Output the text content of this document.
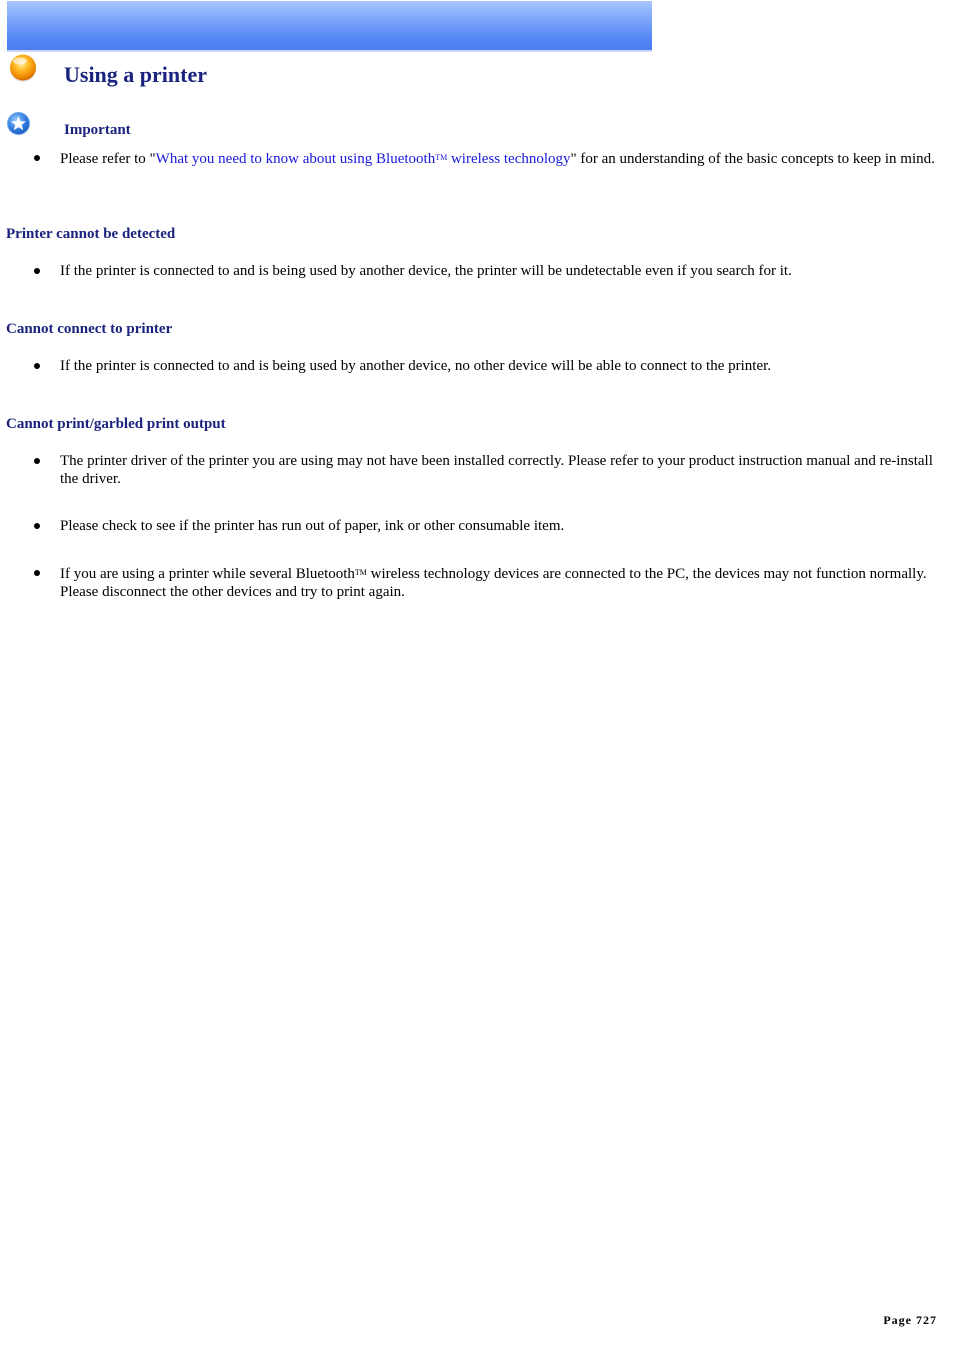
Using a printer
Important
Please refer to "What you need to know about using Bluetooth™ wireless technology" for an understanding of the basic concepts to keep in mind.
Printer cannot be detected
If the printer is connected to and is being used by another device, the printer will be undetectable even if you search for it.
Cannot connect to printer
If the printer is connected to and is being used by another device, no other device will be able to connect to the printer.
Cannot print/garbled print output
The printer driver of the printer you are using may not have been installed correctly. Please refer to your product instruction manual and re-install the driver.
Please check to see if the printer has run out of paper, ink or other consumable item.
If you are using a printer while several Bluetooth™ wireless technology devices are connected to the PC, the devices may not function normally. Please disconnect the other devices and try to print again.
Page 727
